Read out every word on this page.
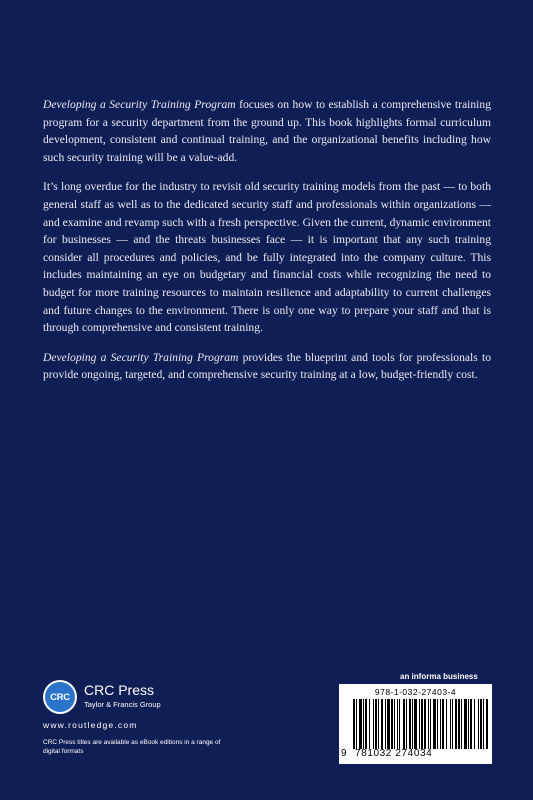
Developing a Security Training Program focuses on how to establish a comprehensive training program for a security department from the ground up. This book highlights formal curriculum development, consistent and continual training, and the organizational benefits including how such security training will be a value-add.

It’s long overdue for the industry to revisit old security training models from the past — to both general staff as well as to the dedicated security staff and professionals within organizations — and examine and revamp such with a fresh perspective. Given the current, dynamic environment for businesses — and the threats businesses face — it is important that any such training consider all procedures and policies, and be fully integrated into the company culture. This includes maintaining an eye on budgetary and financial costs while recognizing the need to budget for more training resources to maintain resilience and adaptability to current challenges and future changes to the environment. There is only one way to prepare your staff and that is through comprehensive and consistent training.

Developing a Security Training Program provides the blueprint and tools for professionals to provide ongoing, targeted, and comprehensive security training at a low, budget-friendly cost.

CRC	CRC Press
Taylor & Francis Group
www.routledge.com
CRC Press titles are available as eBook editions in a range of digital formats
an informa business
978-1-032-27403-4
9 781032 274034
